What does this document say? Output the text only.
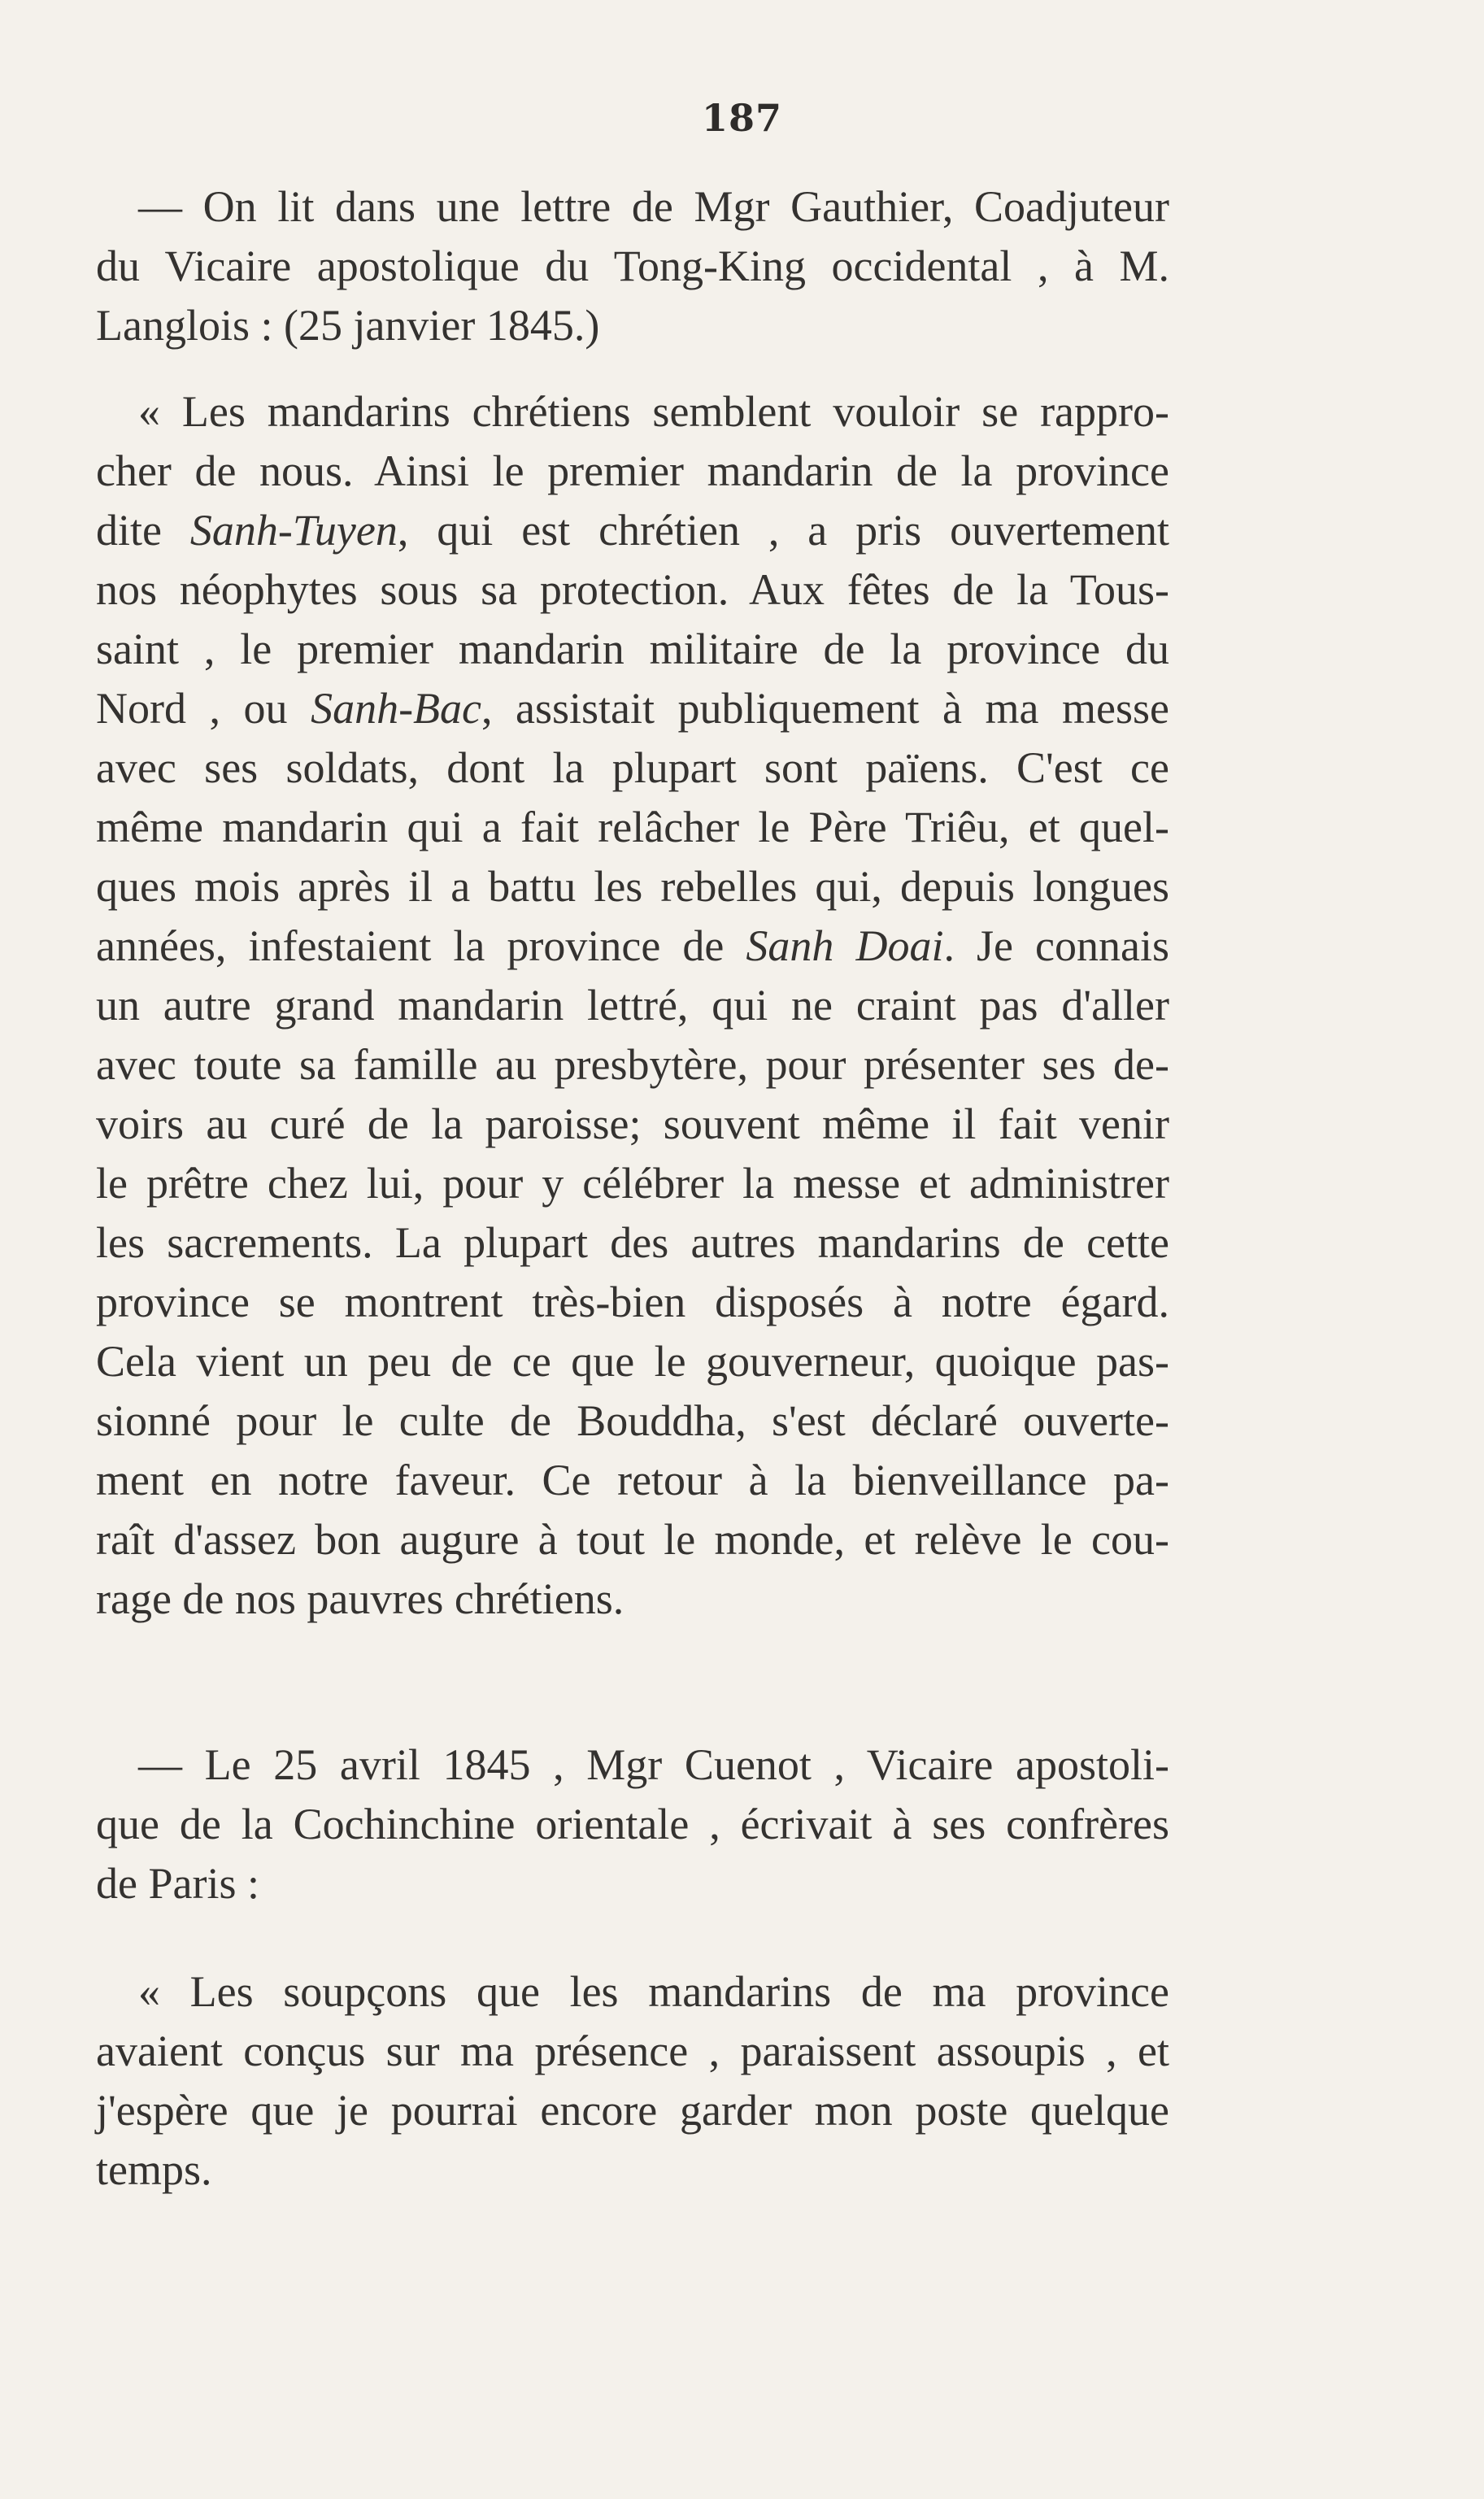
187

— On lit dans une lettre de Mgr Gauthier, Coadjuteur

du Vicaire apostolique du Tong-King occidental , à M.

Langlois : (25 janvier 1845.)

« Les mandarins chrétiens semblent vouloir se rappro-

cher de nous. Ainsi le premier mandarin de la province

dite Sanh-Tuyen, qui est chrétien , a pris ouvertement

nos néophytes sous sa protection. Aux fêtes de la Tous-

saint , le premier mandarin militaire de la province du

Nord , ou Sanh-Bac, assistait publiquement à ma messe

avec ses soldats, dont la plupart sont païens. C'est ce

même mandarin qui a fait relâcher le Père Triêu, et quel-

ques mois après il a battu les rebelles qui, depuis longues

années, infestaient la province de Sanh Doai. Je connais

un autre grand mandarin lettré, qui ne craint pas d'aller

avec toute sa famille au presbytère, pour présenter ses de-

voirs au curé de la paroisse; souvent même il fait venir

le prêtre chez lui, pour y célébrer la messe et administrer

les sacrements. La plupart des autres mandarins de cette

province se montrent très-bien disposés à notre égard.

Cela vient un peu de ce que le gouverneur, quoique pas-

sionné pour le culte de Bouddha, s'est déclaré ouverte-

ment en notre faveur. Ce retour à la bienveillance pa-

raît d'assez bon augure à tout le monde, et relève le cou-

rage de nos pauvres chrétiens.

— Le 25 avril 1845 , Mgr Cuenot , Vicaire apostoli-

que de la Cochinchine orientale , écrivait à ses confrères

de Paris :

« Les soupçons que les mandarins de ma province

avaient conçus sur ma présence , paraissent assoupis , et

j'espère que je pourrai encore garder mon poste quelque

temps.
